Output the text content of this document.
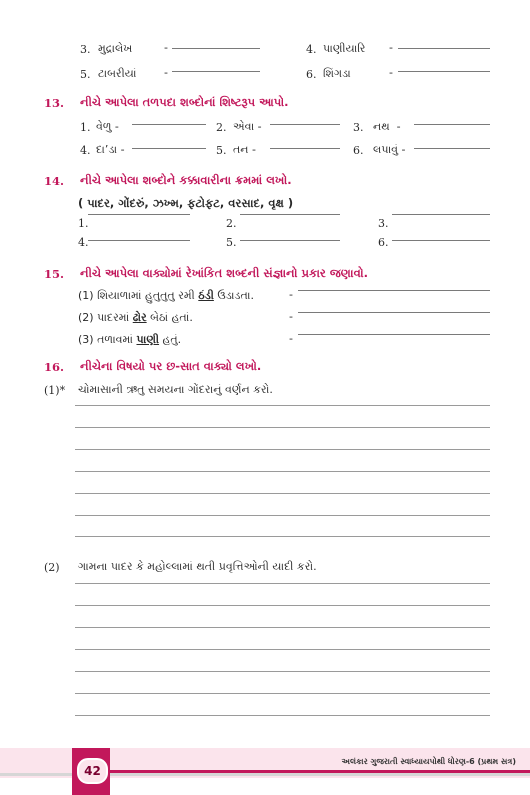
3. મુદ્રાલેખ	-	4. પાણીયારિ -
5. ટાબરીયાં	-	6. શિંગડા	-
13. નીચે આપેલા તળપદા શબ્દોનાં શિષ્ટરૂપ આપો.
1. વેળુ -	2. એવા -	3. નથ  -
4. દા’ડા -	5. તન -	6. લપાવું -
14. નીચે આપેલા શબ્દોને કક્કાવારીના ક્રમમાં લખો.
( પાદર, ગોંદરું, ઝખ્મ, ફટોફટ, વરસાદ, વૃક્ષ )
1.	2.	3.
4.	5.	6.
15. નીચે આપેલા વાક્યોમાં રેખાંકિત શબ્દની સંજ્ઞાનો પ્રકાર જણાવો.
(1) શિયાળામાં હુતુતુતુ રમી ઠંડી ઉડાડતા.	-
(2) પાદરમાં ઢોર બેઠાં હતાં.	-
(3) તળાવમાં પાણી હતું.	-
16. નીચેના વિષયો પર છ-સાત વાક્યો લખો.
(1)* ચોમાસાની ઋતુ સમયના ગોંદરાનું વર્ણન કરો.
(2) ગામના પાદર કે મહોલ્લામાં થતી પ્રવૃત્તિઓની યાદી કરો.
42
અલંકાર ગુજરાતી સ્વાધ્યાયપોથી ધોરણ-6 (પ્રથમ સત્ર)
